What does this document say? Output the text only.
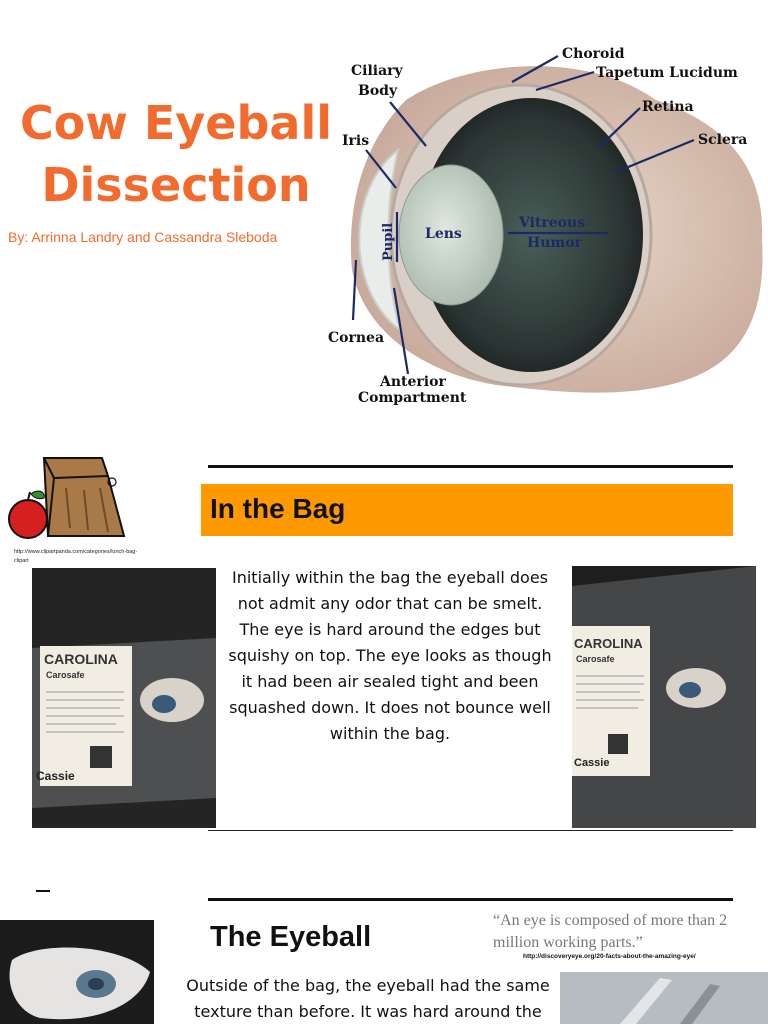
Cow Eyeball
Dissection
By: Arrinna Landry and Cassandra Sleboda
Ciliary
Body
Choroid
Tapetum Lucidum
Retina
Sclera
Iris
Lens
Vitreous
Humor
Cornea
Anterior
Compartment
Pupil
http://www.clipartpanda.com/categories/lunch-bag-clipart
In the Bag
CAROLINA
Carosafe
Cassie
Initially within the bag the eyeball does not admit any odor that can be smelt. The eye is hard around the edges but squishy on top. The eye looks as though it had been air sealed tight and been squashed down. It does not bounce well within the bag.
CAROLINA
Carosafe
Cassie
The Eyeball
“An eye is composed of more than 2 million working parts.”
http://discoveryeye.org/20-facts-about-the-amazing-eye/
Outside of the bag, the eyeball had the same texture than before. It was hard around the
